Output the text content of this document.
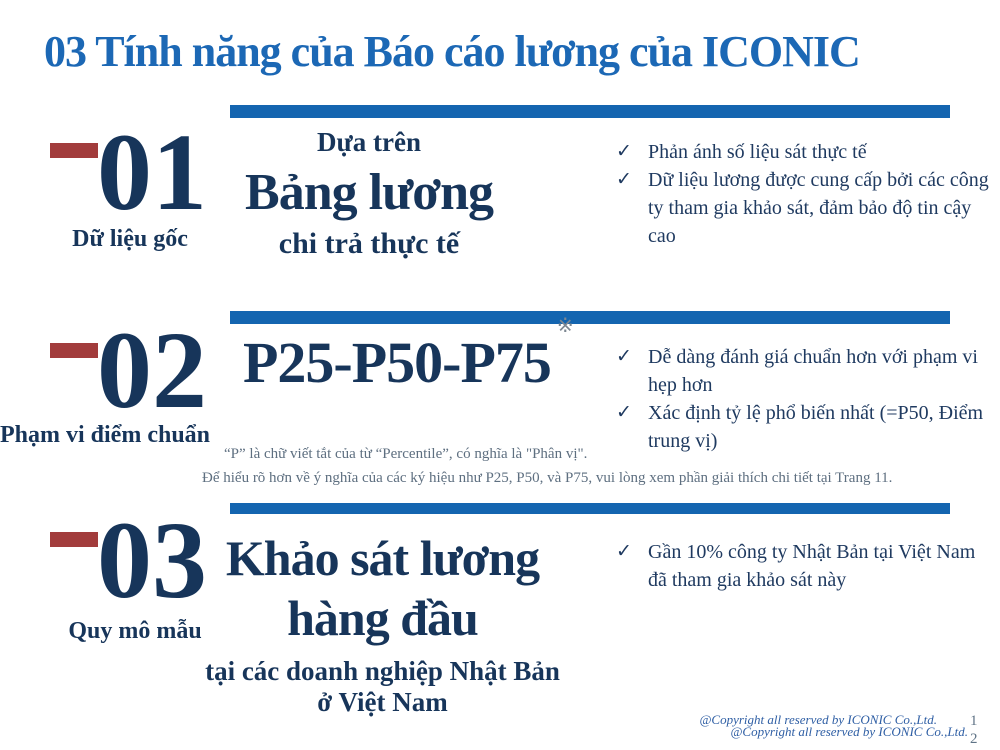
03 Tính năng của Báo cáo lương của ICONIC
01
Dữ liệu gốc
Dựa trên
Bảng lương
chi trả thực tế
✓ Phản ánh số liệu sát thực tế
✓ Dữ liệu lương được cung cấp bởi các công ty tham gia khảo sát, đảm bảo độ tin cậy cao
02
Phạm vi điểm chuẩn
P25-P50-P75※
✓ Dễ dàng đánh giá chuẩn hơn với phạm vi hẹp hơn
✓ Xác định tỷ lệ phổ biến nhất (=P50, Điểm trung vị)
“P” là chữ viết tắt của từ “Percentile”, có nghĩa là "Phân vị".
Để hiểu rõ hơn về ý nghĩa của các ký hiệu như P25, P50, và P75, vui lòng xem phần giải thích chi tiết tại Trang 11.
03
Quy mô mẫu
Khảo sát lương
hàng đầu
tại các doanh nghiệp Nhật Bản
ở Việt Nam
✓ Gần 10% công ty Nhật Bản tại Việt Nam đã tham gia khảo sát này
@Copyright all reserved by ICONIC Co.,Ltd.
@Copyright all reserved by ICONIC Co.,Ltd.
1
2
